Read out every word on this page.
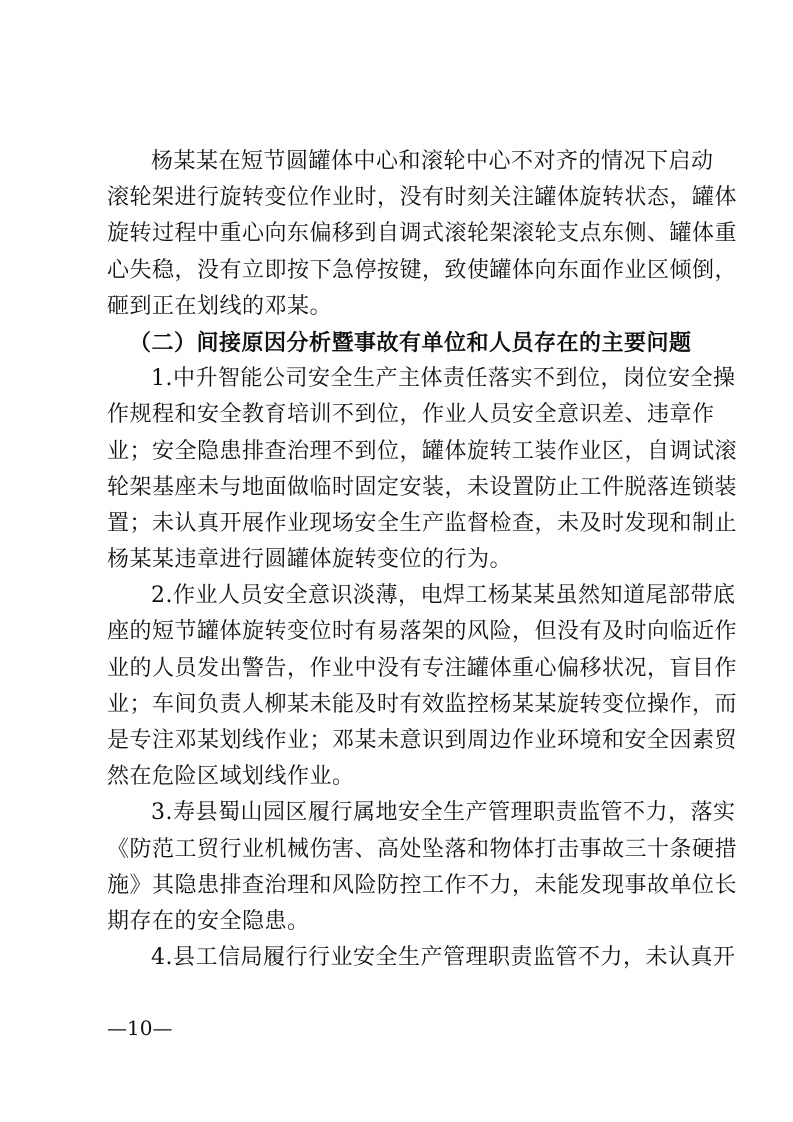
杨某某在短节圆罐体中心和滚轮中心不对齐的情况下启动
滚轮架进行旋转变位作业时，没有时刻关注罐体旋转状态，罐体
旋转过程中重心向东偏移到自调式滚轮架滚轮支点东侧、罐体重
心失稳，没有立即按下急停按键，致使罐体向东面作业区倾倒，
砸到正在划线的邓某。
（二）间接原因分析暨事故有单位和人员存在的主要问题
1.中升智能公司安全生产主体责任落实不到位，岗位安全操
作规程和安全教育培训不到位，作业人员安全意识差、违章作
业；安全隐患排查治理不到位，罐体旋转工装作业区，自调试滚
轮架基座未与地面做临时固定安装，未设置防止工件脱落连锁装
置；未认真开展作业现场安全生产监督检查，未及时发现和制止
杨某某违章进行圆罐体旋转变位的行为。
2.作业人员安全意识淡薄，电焊工杨某某虽然知道尾部带底
座的短节罐体旋转变位时有易落架的风险，但没有及时向临近作
业的人员发出警告，作业中没有专注罐体重心偏移状况，盲目作
业；车间负责人柳某未能及时有效监控杨某某旋转变位操作，而
是专注邓某划线作业；邓某未意识到周边作业环境和安全因素贸
然在危险区域划线作业。
3.寿县蜀山园区履行属地安全生产管理职责监管不力，落实
《防范工贸行业机械伤害、高处坠落和物体打击事故三十条硬措
施》其隐患排查治理和风险防控工作不力，未能发现事故单位长
期存在的安全隐患。
4.县工信局履行行业安全生产管理职责监管不力，未认真开
—10—
